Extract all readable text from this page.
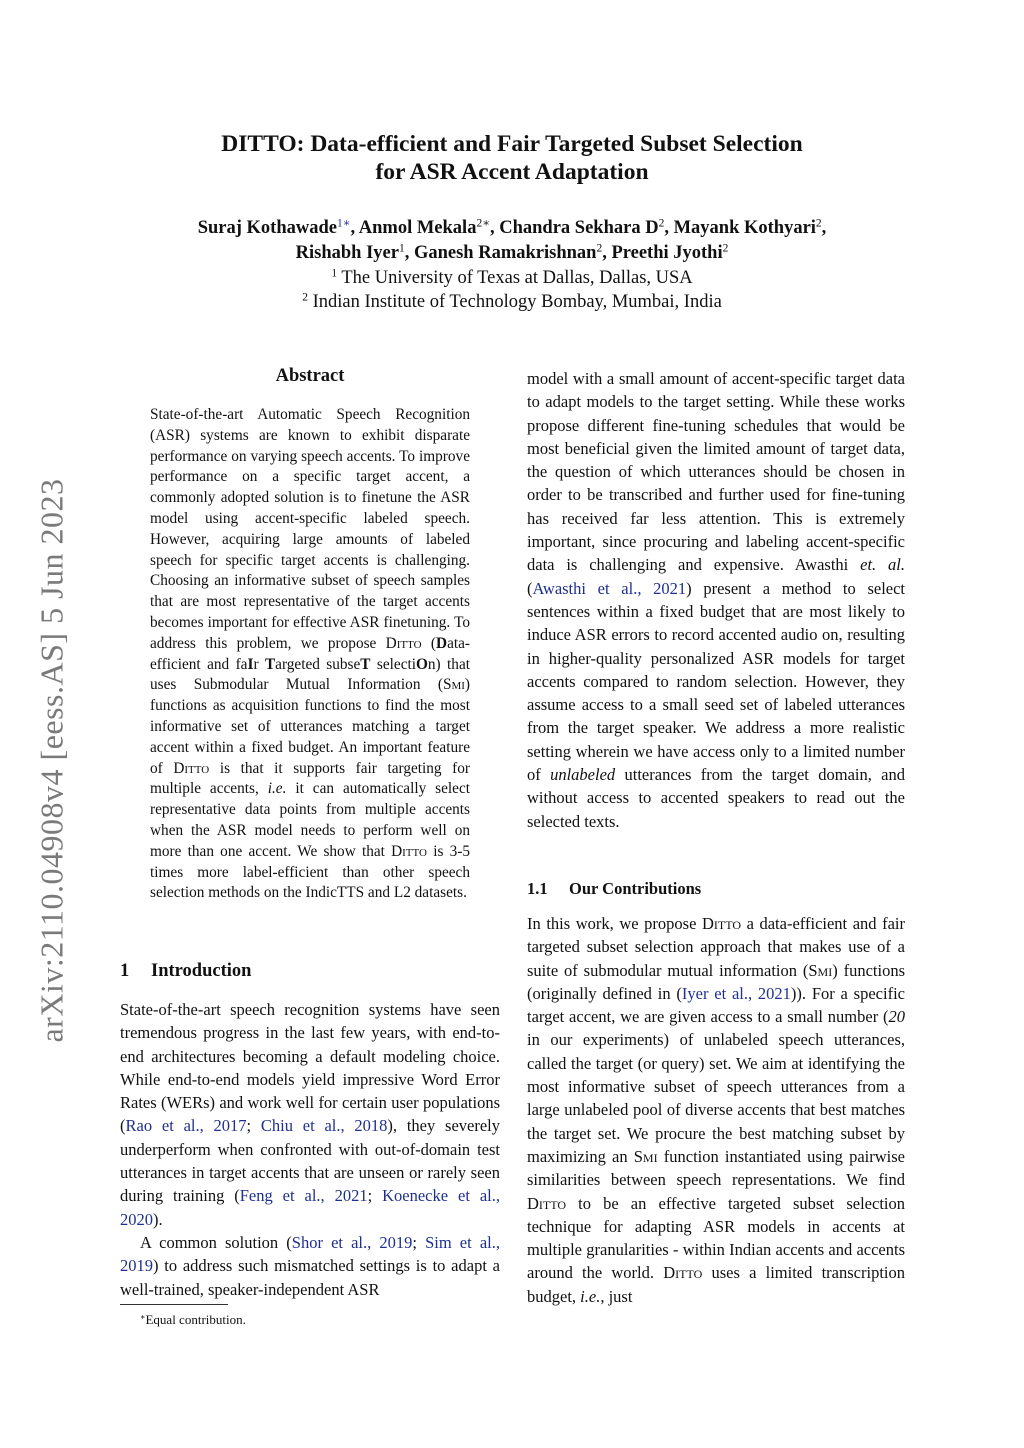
arXiv:2110.04908v4 [eess.AS] 5 Jun 2023
DITTO: Data-efficient and Fair Targeted Subset Selection
for ASR Accent Adaptation
Suraj Kothawade$^{1∗}$, Anmol Mekala$^{2∗}$, Chandra Sekhara $D^2$, Mayank Kothyari$^2$,
Rishabh Iyer$^1$, Ganesh Ramakrishnan$^2$, Preethi Jyothi$^2$
$^1$ The University of Texas at Dallas, Dallas, USA
$^2$ Indian Institute of Technology Bombay, Mumbai, India
Abstract
State-of-the-art Automatic Speech Recognition (ASR) systems are known to exhibit disparate performance on varying speech accents. To improve performance on a specific target accent, a commonly adopted solution is to finetune the ASR model using accent-specific labeled speech. However, acquiring large amounts of labeled speech for specific target accents is challenging. Choosing an informative subset of speech samples that are most representative of the target accents becomes important for effective ASR finetuning. To address this problem, we propose Ditto (Data-efficient and faIr Targeted subseT selectiOn) that uses Submodular Mutual Information (Smi) functions as acquisition functions to find the most informative set of utterances matching a target accent within a fixed budget. An important feature of Ditto is that it supports fair targeting for multiple accents, i.e. it can automatically select representative data points from multiple accents when the ASR model needs to perform well on more than one accent. We show that Ditto is 3-5 times more label-efficient than other speech selection methods on the IndicTTS and L2 datasets.
1 Introduction

State-of-the-art speech recognition systems have seen tremendous progress in the last few years, with end-to-end architectures becoming a default modeling choice. While end-to-end models yield impressive Word Error Rates (WERs) and work well for certain user populations (Rao et al., 2017; Chiu et al., 2018), they severely underperform when confronted with out-of-domain test utterances in target accents that are unseen or rarely seen during training (Feng et al., 2021; Koenecke et al., 2020).

A common solution (Shor et al., 2019; Sim et al., 2019) to address such mismatched settings is to adapt a well-trained, speaker-independent ASR

∗Equal contribution.

model with a small amount of accent-specific target data to adapt models to the target setting. While these works propose different fine-tuning schedules that would be most beneficial given the limited amount of target data, the question of which utterances should be chosen in order to be transcribed and further used for fine-tuning has received far less attention. This is extremely important, since procuring and labeling accent-specific data is challenging and expensive. Awasthi et. al. (Awasthi et al., 2021) present a method to select sentences within a fixed budget that are most likely to induce ASR errors to record accented audio on, resulting in higher-quality personalized ASR models for target accents compared to random selection. However, they assume access to a small seed set of labeled utterances from the target speaker. We address a more realistic setting wherein we have access only to a limited number of unlabeled utterances from the target domain, and without access to accented speakers to read out the selected texts.

1.1 Our Contributions

In this work, we propose Ditto a data-efficient and fair targeted subset selection approach that makes use of a suite of submodular mutual information (Smi) functions (originally defined in (Iyer et al., 2021)). For a specific target accent, we are given access to a small number (20 in our experiments) of unlabeled speech utterances, called the target (or query) set. We aim at identifying the most informative subset of speech utterances from a large unlabeled pool of diverse accents that best matches the target set. We procure the best matching subset by maximizing an Smi function instantiated using pairwise similarities between speech representations. We find Ditto to be an effective targeted subset selection technique for adapting ASR models in accents at multiple granularities - within Indian accents and accents around the world. Ditto uses a limited transcription budget, i.e., just
